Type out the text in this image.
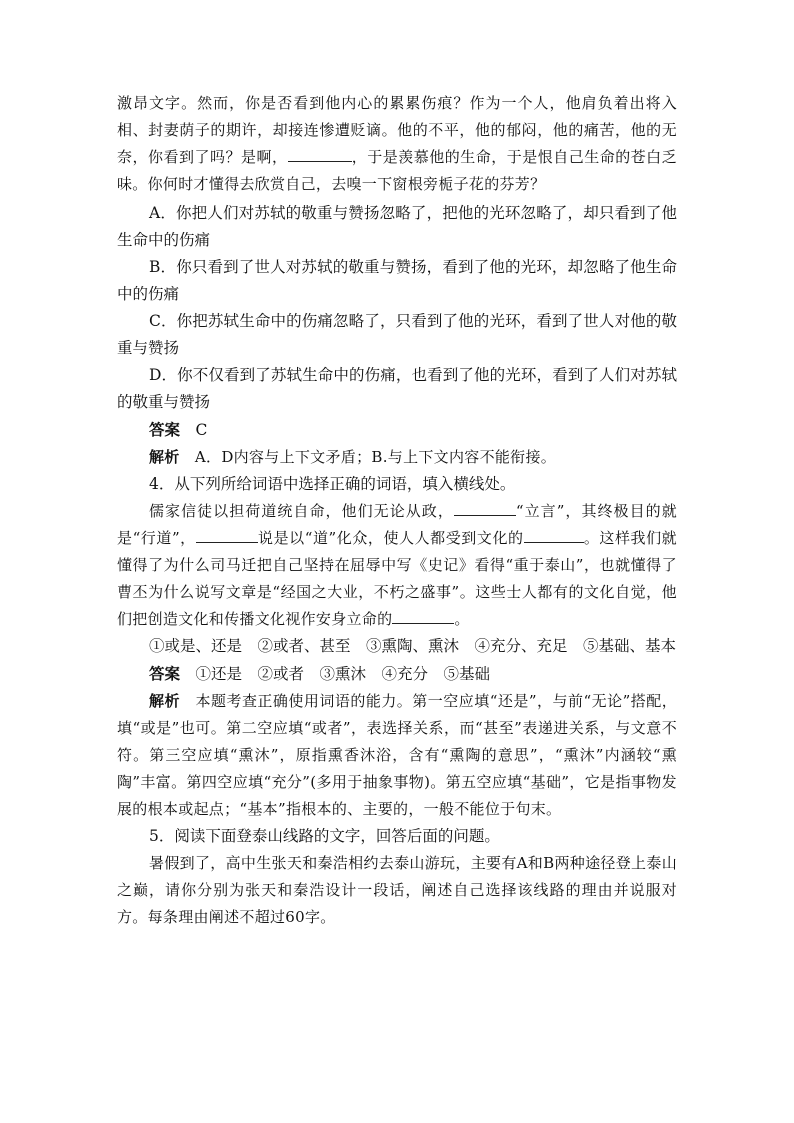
激昂文字。然而，你是否看到他内心的累累伤痕？作为一个人，他肩负着出将入相、封妻荫子的期许，却接连惨遭贬谪。他的不平，他的郁闷，他的痛苦，他的无奈，你看到了吗？是啊，	，于是羡慕他的生命，于是恨自己生命的苍白乏味。你何时才懂得去欣赏自己，去嗅一下窗根旁栀子花的芬芳？

A．你把人们对苏轼的敬重与赞扬忽略了，把他的光环忽略了，却只看到了他生命中的伤痛

B．你只看到了世人对苏轼的敬重与赞扬，看到了他的光环，却忽略了他生命中的伤痛

C．你把苏轼生命中的伤痛忽略了，只看到了他的光环，看到了世人对他的敬重与赞扬

D．你不仅看到了苏轼生命中的伤痛，也看到了他的光环，看到了人们对苏轼的敬重与赞扬

答案　 C

解析　 A．D内容与上下文矛盾；B.与上下文内容不能衔接。

4．从下列所给词语中选择正确的词语，填入横线处。

儒家信徒以担荷道统自命，他们无论从政，	“立言”，其终极目的就是“行道”，	说是以“道”化众，使人人都受到文化的	。这样我们就懂得了为什么司马迁把自己坚持在屈辱中写《史记》看得“重于泰山”，也就懂得了曹丕为什么说写文章是“经国之大业，不朽之盛事”。这些士人都有的文化自觉，他们把创造文化和传播文化视作安身立命的	。

①或是、还是　②或者、甚至　③熏陶、熏沐　④充分、充足　⑤基础、基本

答案　 ①还是　②或者　③熏沐　④充分　⑤基础

解析　 本题考查正确使用词语的能力。第一空应填“还是”，与前“无论”搭配，填“或是”也可。第二空应填“或者”，表选择关系，而“甚至”表递进关系，与文意不符。第三空应填“熏沐”，原指熏香沐浴，含有“熏陶的意思”，“熏沐”内涵较“熏陶”丰富。第四空应填“充分”(多用于抽象事物)。第五空应填“基础”，它是指事物发展的根本或起点；“基本”指根本的、主要的，一般不能位于句末。

5．阅读下面登泰山线路的文字，回答后面的问题。

暑假到了，高中生张天和秦浩相约去泰山游玩，主要有A和B两种途径登上泰山之巅，请你分别为张天和秦浩设计一段话，阐述自己选择该线路的理由并说服对方。每条理由阐述不超过60字。
